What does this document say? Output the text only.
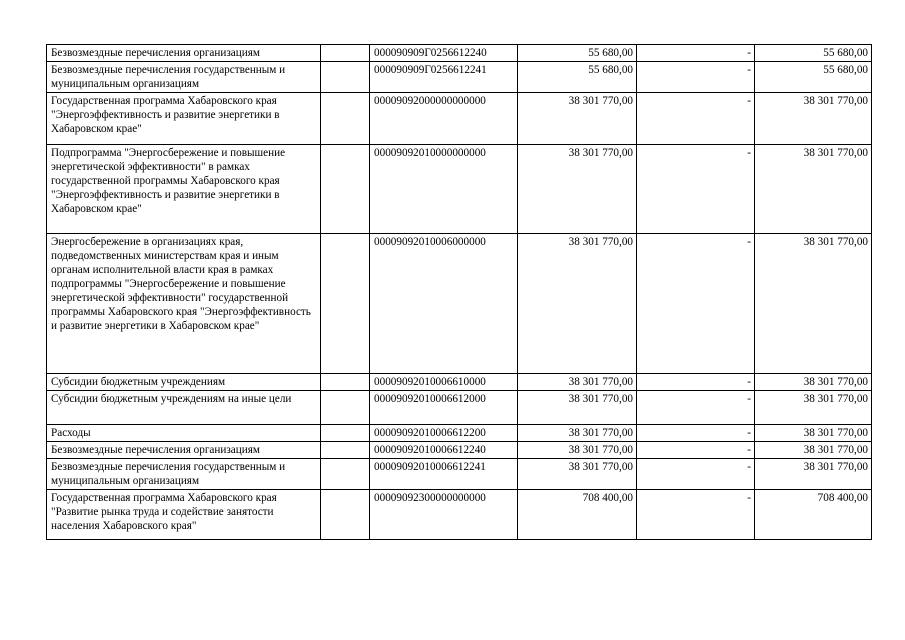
Безвозмездные перечисления организациям		000090909Г0256612240	55 680,00	-	55 680,00
Безвозмездные перечисления государственным и муниципальным организациям		000090909Г0256612241	55 680,00	-	55 680,00
Государственная программа Хабаровского края "Энергоэффективность и развитие энергетики в Хабаровском крае"		00009092000000000000	38 301 770,00	-	38 301 770,00
Подпрограмма "Энергосбережение и повышение энергетической эффективности" в рамках государственной программы Хабаровского края "Энергоэффективность и развитие энергетики в Хабаровском крае"		00009092010000000000	38 301 770,00	-	38 301 770,00
Энергосбережение в организациях края, подведомственных министерствам края и иным органам исполнительной власти края в рамках подпрограммы "Энергосбережение и повышение энергетической эффективности" государственной программы Хабаровского края "Энергоэффективность и развитие энергетики в Хабаровском крае"		00009092010006000000	38 301 770,00	-	38 301 770,00
Субсидии бюджетным учреждениям		00009092010006610000	38 301 770,00	-	38 301 770,00
Субсидии бюджетным учреждениям на иные цели		00009092010006612000	38 301 770,00	-	38 301 770,00
Расходы		00009092010006612200	38 301 770,00	-	38 301 770,00
Безвозмездные перечисления организациям		00009092010006612240	38 301 770,00	-	38 301 770,00
Безвозмездные перечисления государственным и муниципальным организациям		00009092010006612241	38 301 770,00	-	38 301 770,00
Государственная программа Хабаровского края "Развитие рынка труда и содействие занятости населения Хабаровского края"		00009092300000000000	708 400,00	-	708 400,00
